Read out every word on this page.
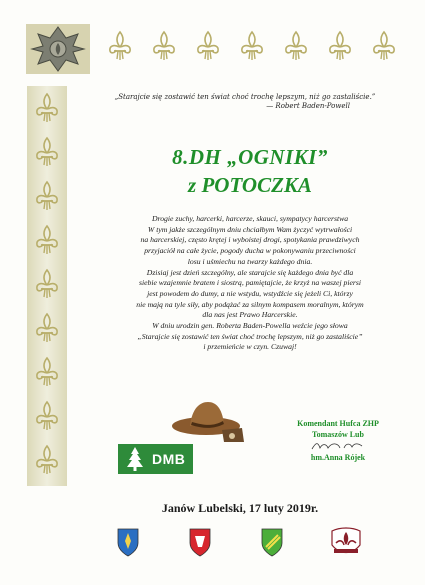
„Starajcie się zostawić ten świat choć trochę lepszym, niż go zastaliście.”
— Robert Baden-Powell
8.DH „OGNIKI”
z POTOCZKA

Drogie zuchy, harcerki, harcerze, skauci, sympatycy harcerstwa

W tym jakże szczególnym dniu chciałbym Wam życzyć wytrwałości

na harcerskiej, często krętej i wyboistej drogi, spotykania prawdziwych

przyjaciół na całe życie, pogody ducha w pokonywaniu przeciwności

losu i uśmiechu na twarzy każdego dnia.

Dzisiaj jest dzień szczególny, ale starajcie się każdego dnia być dla

siebie wzajemnie bratem i siostrą, pamiętajcie, że krzyż na waszej piersi

jest powodem do dumy, a nie wstydu, wstydźcie się jeżeli Ci, którzy

nie mają na tyle siły, aby podążać za silnym kompasem moralnym, którym

dla nas jest Prawo Harcerskie.

W dniu urodzin gen. Roberta Baden-Powella weźcie jego słowa

„Starajcie się zostawić ten świat choć trochę lepszym, niż go zastaliście”

i przemieńcie w czyn. Czuwaj!

DMB
Komendant Hufca ZHP
Tomaszów Lub
hm.Anna Rójek
Janów Lubelski, 17 luty 2019r.
